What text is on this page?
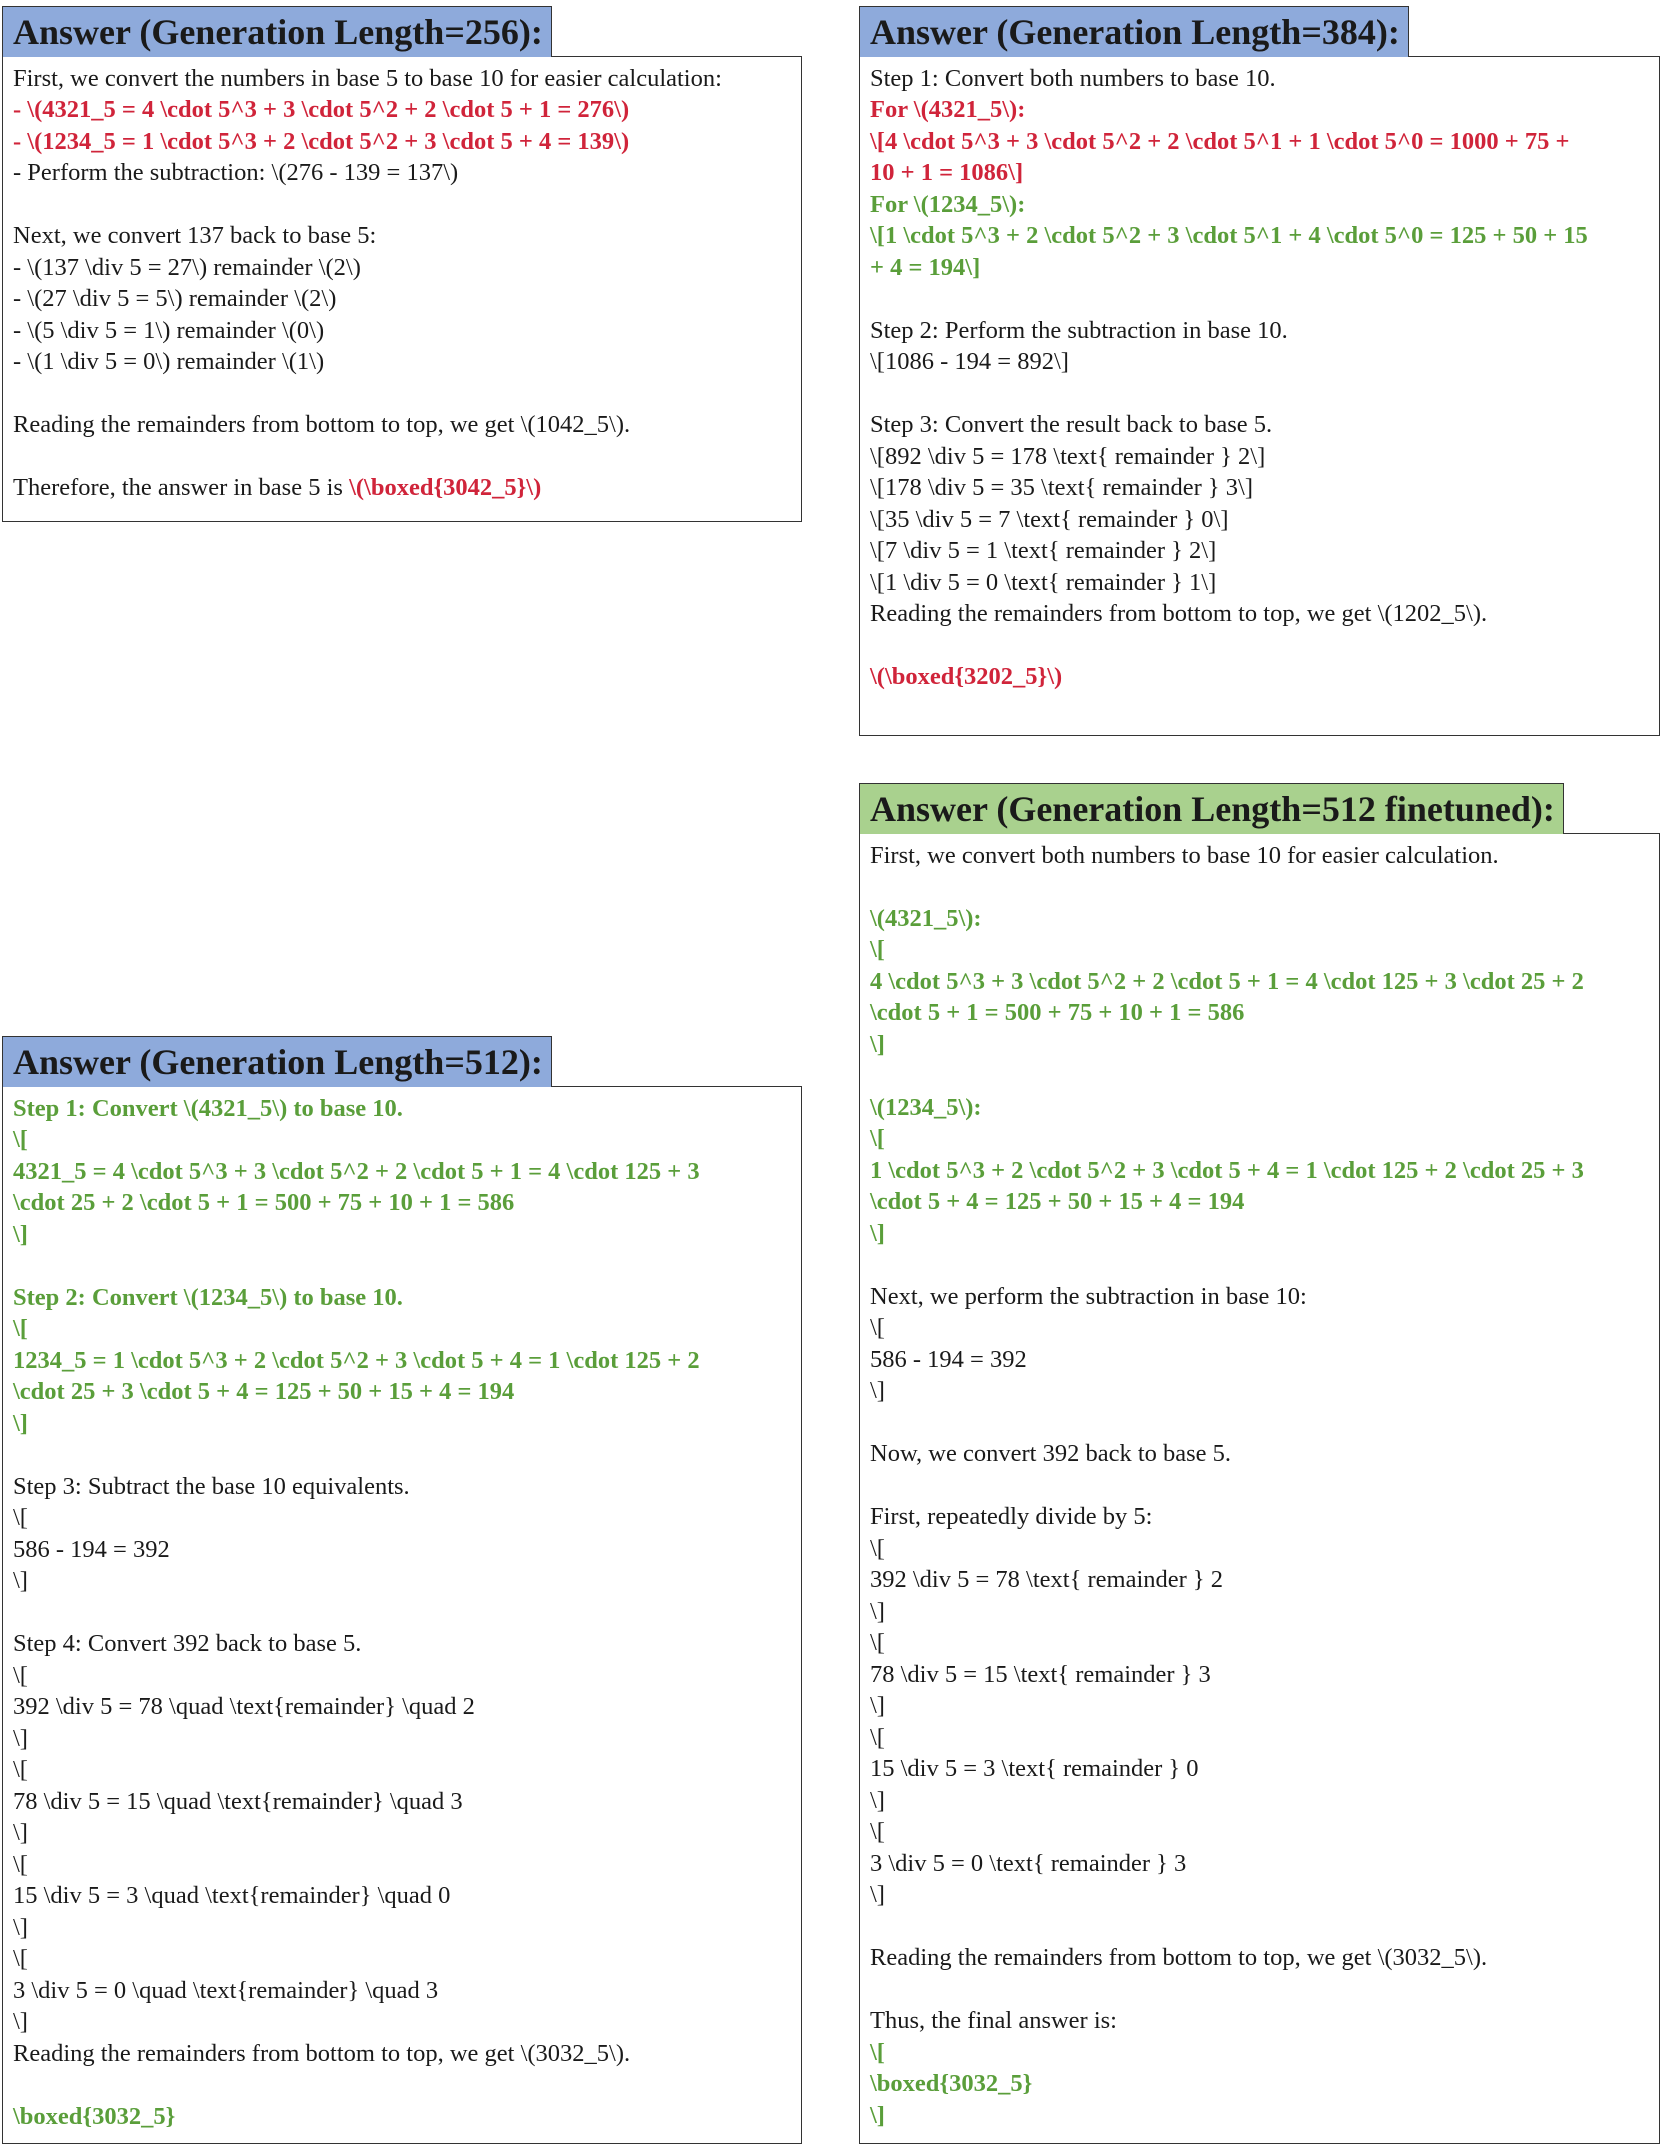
Answer (Generation Length=256):
First, we convert the numbers in base 5 to base 10 for easier calculation:
- \(4321_5 = 4 \cdot 5^3 + 3 \cdot 5^2 + 2 \cdot 5 + 1 = 276\)
- \(1234_5 = 1 \cdot 5^3 + 2 \cdot 5^2 + 3 \cdot 5 + 4 = 139\)
- Perform the subtraction: \(276 - 139 = 137\)
Next, we convert 137 back to base 5:
- \(137 \div 5 = 27\) remainder \(2\)
- \(27 \div 5 = 5\) remainder \(2\)
- \(5 \div 5 = 1\) remainder \(0\)
- \(1 \div 5 = 0\) remainder \(1\)
Reading the remainders from bottom to top, we get \(1042_5\).
Therefore, the answer in base 5 is \(\boxed{3042_5}\)
Answer (Generation Length=384):
Step 1: Convert both numbers to base 10.
For \(4321_5\):
\[4 \cdot 5^3 + 3 \cdot 5^2 + 2 \cdot 5^1 + 1 \cdot 5^0 = 1000 + 75 +
10 + 1 = 1086\]
For \(1234_5\):
\[1 \cdot 5^3 + 2 \cdot 5^2 + 3 \cdot 5^1 + 4 \cdot 5^0 = 125 + 50 + 15
+ 4 = 194\]
Step 2: Perform the subtraction in base 10.
\[1086 - 194 = 892\]
Step 3: Convert the result back to base 5.
\[892 \div 5 = 178 \text{ remainder } 2\]
\[178 \div 5 = 35 \text{ remainder } 3\]
\[35 \div 5 = 7 \text{ remainder } 0\]
\[7 \div 5 = 1 \text{ remainder } 2\]
\[1 \div 5 = 0 \text{ remainder } 1\]
Reading the remainders from bottom to top, we get \(1202_5\).
\(\boxed{3202_5}\)
Answer (Generation Length=512):
Step 1: Convert \(4321_5\) to base 10.
\[
4321_5 = 4 \cdot 5^3 + 3 \cdot 5^2 + 2 \cdot 5 + 1 = 4 \cdot 125 + 3
\cdot 25 + 2 \cdot 5 + 1 = 500 + 75 + 10 + 1 = 586
\]
Step 2: Convert \(1234_5\) to base 10.
\[
1234_5 = 1 \cdot 5^3 + 2 \cdot 5^2 + 3 \cdot 5 + 4 = 1 \cdot 125 + 2
\cdot 25 + 3 \cdot 5 + 4 = 125 + 50 + 15 + 4 = 194
\]
Step 3: Subtract the base 10 equivalents.
\[
586 - 194 = 392
\]
Step 4: Convert 392 back to base 5.
\[
392 \div 5 = 78 \quad \text{remainder} \quad 2
\]
\[
78 \div 5 = 15 \quad \text{remainder} \quad 3
\]
\[
15 \div 5 = 3 \quad \text{remainder} \quad 0
\]
\[
3 \div 5 = 0 \quad \text{remainder} \quad 3
\]
Reading the remainders from bottom to top, we get \(3032_5\).
\boxed{3032_5}
Answer (Generation Length=512 finetuned):
First, we convert both numbers to base 10 for easier calculation.
\(4321_5\):
\[
4 \cdot 5^3 + 3 \cdot 5^2 + 2 \cdot 5 + 1 = 4 \cdot 125 + 3 \cdot 25 + 2
\cdot 5 + 1 = 500 + 75 + 10 + 1 = 586
\]
\(1234_5\):
\[
1 \cdot 5^3 + 2 \cdot 5^2 + 3 \cdot 5 + 4 = 1 \cdot 125 + 2 \cdot 25 + 3
\cdot 5 + 4 = 125 + 50 + 15 + 4 = 194
\]
Next, we perform the subtraction in base 10:
\[
586 - 194 = 392
\]
Now, we convert 392 back to base 5.
First, repeatedly divide by 5:
\[
392 \div 5 = 78 \text{ remainder } 2
\]
\[
78 \div 5 = 15 \text{ remainder } 3
\]
\[
15 \div 5 = 3 \text{ remainder } 0
\]
\[
3 \div 5 = 0 \text{ remainder } 3
\]
Reading the remainders from bottom to top, we get \(3032_5\).
Thus, the final answer is:
\[
\boxed{3032_5}
\]
